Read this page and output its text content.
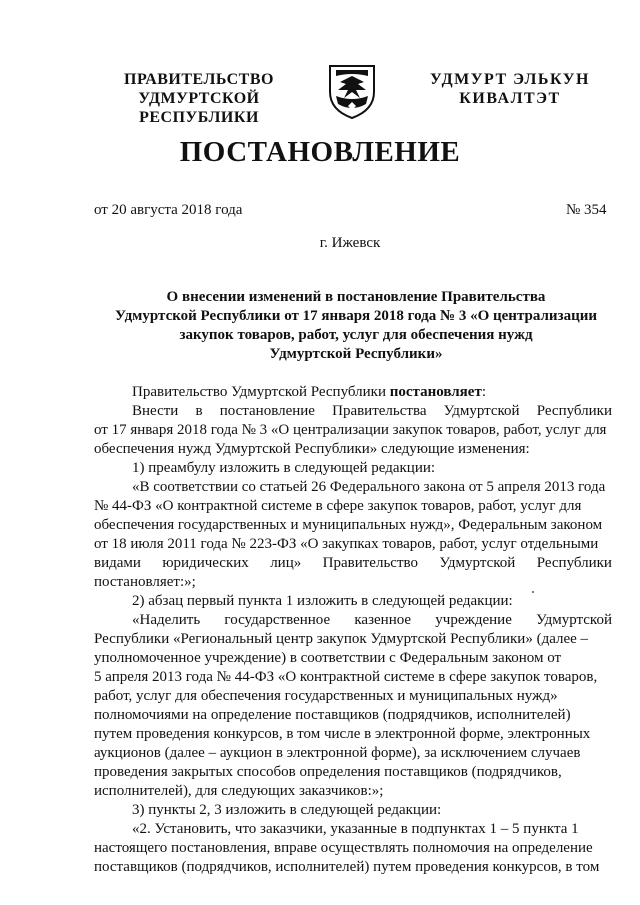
ПРАВИТЕЛЬСТВО
УДМУРТСКОЙ РЕСПУБЛИКИ
УДМУРТ ЭЛЬКУН
КИВАЛТЭТ
ПОСТАНОВЛЕНИЕ
от 20 августа 2018 года	№ 354
г. Ижевск
О внесении изменений в постановление Правительства
Удмуртской Республики от 17 января 2018 года № 3 «О централизации
закупок товаров, работ, услуг для обеспечения нужд
Удмуртской Республики»
Правительство Удмуртской Республики постановляет:
Внести в постановление Правительства Удмуртской Республики
от 17 января 2018 года № 3 «О централизации закупок товаров, работ, услуг для
обеспечения нужд Удмуртской Республики» следующие изменения:
1) преамбулу изложить в следующей редакции:
«В соответствии со статьей 26 Федерального закона от 5 апреля 2013 года
№ 44-ФЗ «О контрактной системе в сфере закупок товаров, работ, услуг для
обеспечения государственных и муниципальных нужд», Федеральным законом
от 18 июля 2011 года № 223-ФЗ «О закупках товаров, работ, услуг отдельными
видами юридических лиц» Правительство Удмуртской Республики
постановляет:»;
2) абзац первый пункта 1 изложить в следующей редакции:
«Наделить государственное казенное учреждение Удмуртской
Республики «Региональный центр закупок Удмуртской Республики» (далее –
уполномоченное учреждение) в соответствии с Федеральным законом от
5 апреля 2013 года № 44-ФЗ «О контрактной системе в сфере закупок товаров,
работ, услуг для обеспечения государственных и муниципальных нужд»
полномочиями на определение поставщиков (подрядчиков, исполнителей)
путем проведения конкурсов, в том числе в электронной форме, электронных
аукционов (далее – аукцион в электронной форме), за исключением случаев
проведения закрытых способов определения поставщиков (подрядчиков,
исполнителей), для следующих заказчиков:»;
3) пункты 2, 3 изложить в следующей редакции:
«2. Установить, что заказчики, указанные в подпунктах 1 – 5 пункта 1
настоящего постановления, вправе осуществлять полномочия на определение
поставщиков (подрядчиков, исполнителей) путем проведения конкурсов, в том
